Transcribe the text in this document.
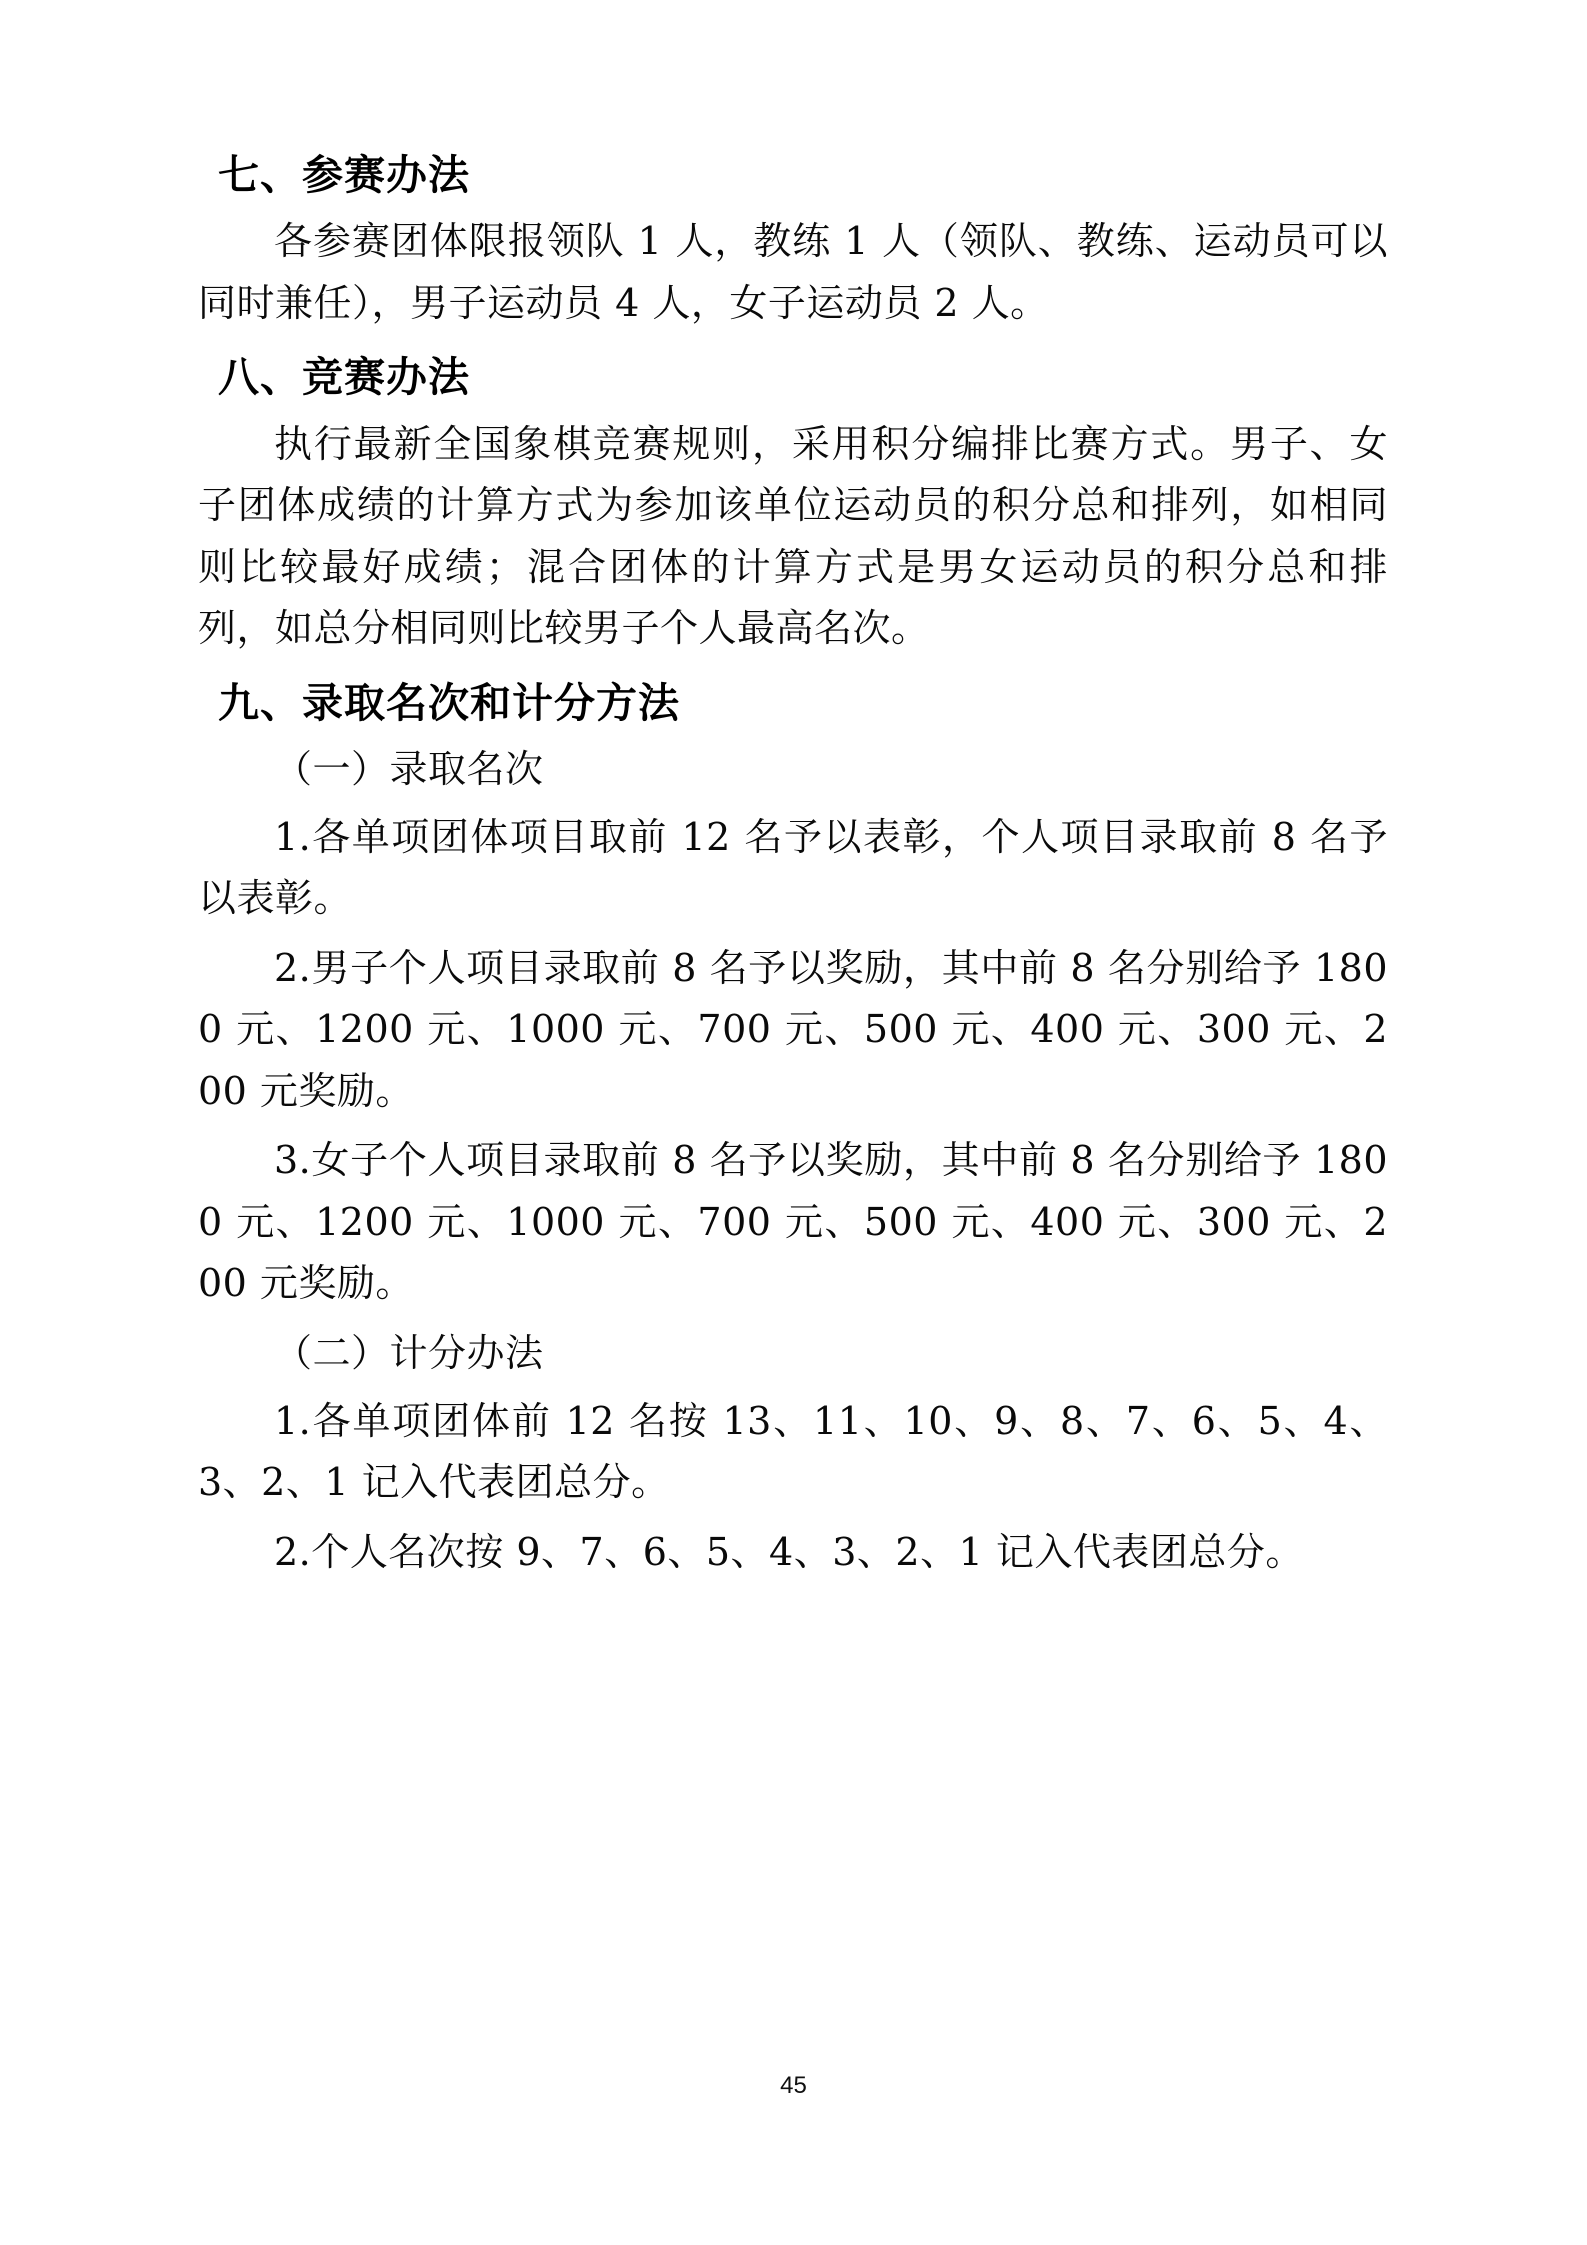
七、参赛办法

各参赛团体限报领队 1 人，教练 1 人（领队、教练、运动员可以同时兼任），男子运动员 4 人，女子运动员 2 人。

八、竞赛办法

执行最新全国象棋竞赛规则，采用积分编排比赛方式。男子、女子团体成绩的计算方式为参加该单位运动员的积分总和排列，如相同则比较最好成绩；混合团体的计算方式是男女运动员的积分总和排列，如总分相同则比较男子个人最高名次。

九、录取名次和计分方法

（一）录取名次

1.各单项团体项目取前 12 名予以表彰，个人项目录取前 8 名予以表彰。

2.男子个人项目录取前 8 名予以奖励，其中前 8 名分别给予 1800 元、1200 元、1000 元、700 元、500 元、400 元、300 元、200 元奖励。

3.女子个人项目录取前 8 名予以奖励，其中前 8 名分别给予 1800 元、1200 元、1000 元、700 元、500 元、400 元、300 元、200 元奖励。

（二）计分办法

1.各单项团体前 12 名按 13、11、10、9、8、7、6、5、4、3、2、1 记入代表团总分。

2.个人名次按 9、7、6、5、4、3、2、1 记入代表团总分。

45
